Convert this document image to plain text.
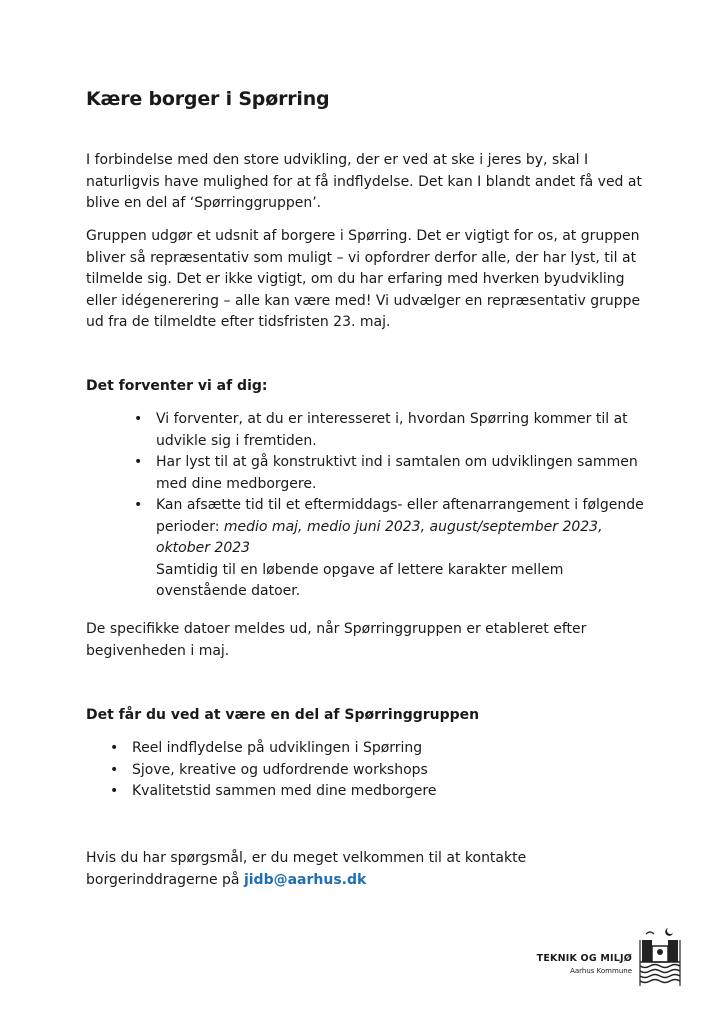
Kære borger i Spørring

I forbindelse med den store udvikling, der er ved at ske i jeres by, skal I naturligvis have mulighed for at få indflydelse. Det kan I blandt andet få ved at blive en del af ‘Spørringgruppen’.

Gruppen udgør et udsnit af borgere i Spørring. Det er vigtigt for os, at gruppen bliver så repræsentativ som muligt – vi opfordrer derfor alle, der har lyst, til at tilmelde sig. Det er ikke vigtigt, om du har erfaring med hverken byudvikling eller idégenerering – alle kan være med! Vi udvælger en repræsentativ gruppe ud fra de tilmeldte efter tidsfristen 23. maj.

Det forventer vi af dig:
• Vi forventer, at du er interesseret i, hvordan Spørring kommer til at udvikle sig i fremtiden.
• Har lyst til at gå konstruktivt ind i samtalen om udviklingen sammen med dine medborgere.
• Kan afsætte tid til et eftermiddags- eller aftenarrangement i følgende perioder: medio maj, medio juni 2023, august/september 2023, oktober 2023
Samtidig til en løbende opgave af lettere karakter mellem ovenstående datoer.

De specifikke datoer meldes ud, når Spørringgruppen er etableret efter begivenheden i maj.

Det får du ved at være en del af Spørringgruppen
• Reel indflydelse på udviklingen i Spørring
• Sjove, kreative og udfordrende workshops
• Kvalitetstid sammen med dine medborgere

Hvis du har spørgsmål, er du meget velkommen til at kontakte borgerinddragerne på jidb@aarhus.dk

TEKNIK OG MILJØ
Aarhus Kommune
